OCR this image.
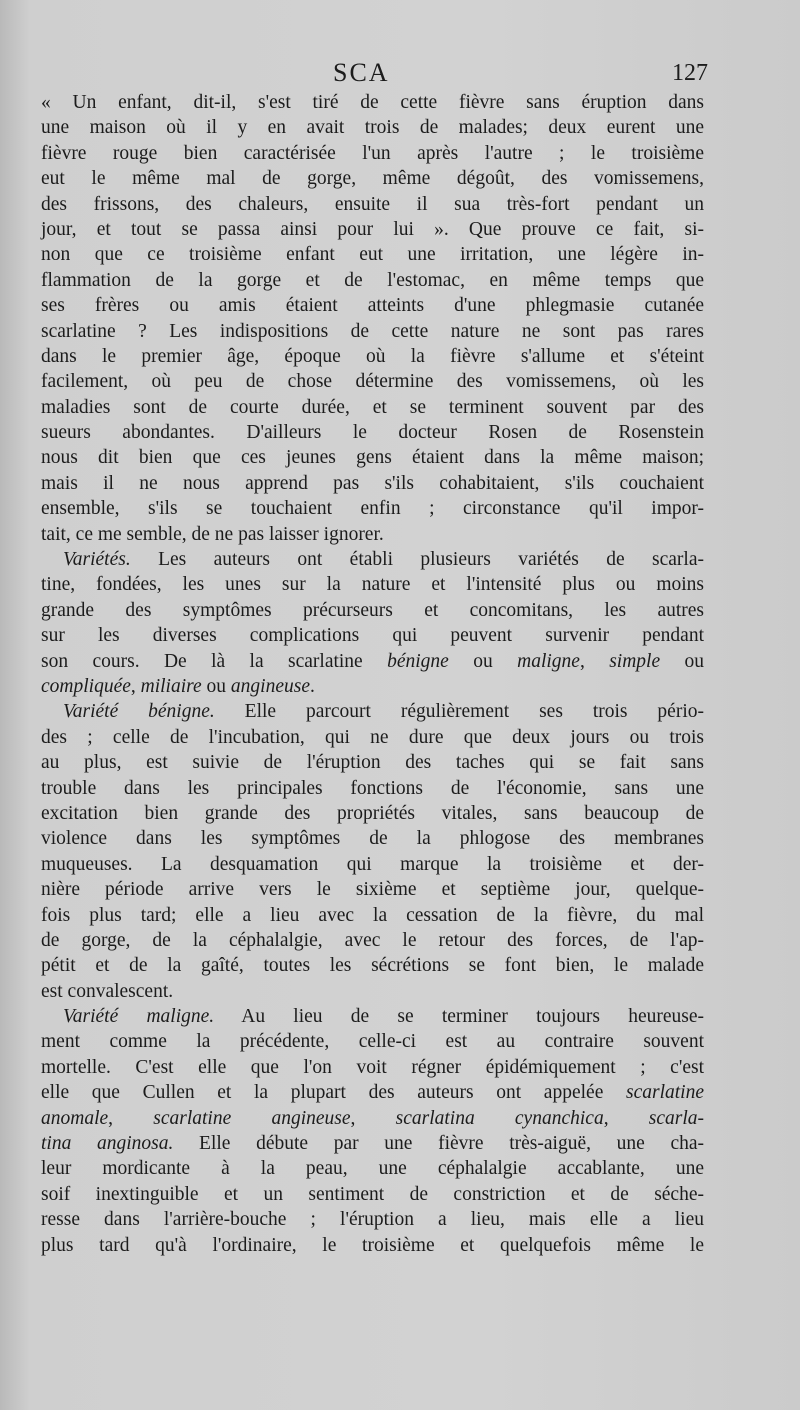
SCA	127
« Un enfant, dit-il, s'est tiré de cette fièvre sans éruption dans
une maison où il y en avait trois de malades; deux eurent une
fièvre rouge bien caractérisée l'un après l'autre ; le troisième
eut le même mal de gorge, même dégoût, des vomissemens,
des frissons, des chaleurs, ensuite il sua très-fort pendant un
jour, et tout se passa ainsi pour lui ». Que prouve ce fait, si-
non que ce troisième enfant eut une irritation, une légère in-
flammation de la gorge et de l'estomac, en même temps que
ses frères ou amis étaient atteints d'une phlegmasie cutanée
scarlatine ? Les indispositions de cette nature ne sont pas rares
dans le premier âge, époque où la fièvre s'allume et s'éteint
facilement, où peu de chose détermine des vomissemens, où les
maladies sont de courte durée, et se terminent souvent par des
sueurs abondantes. D'ailleurs le docteur Rosen de Rosenstein
nous dit bien que ces jeunes gens étaient dans la même maison;
mais il ne nous apprend pas s'ils cohabitaient, s'ils couchaient
ensemble, s'ils se touchaient enfin ; circonstance qu'il impor-
tait, ce me semble, de ne pas laisser ignorer.
Variétés. Les auteurs ont établi plusieurs variétés de scarla-
tine, fondées, les unes sur la nature et l'intensité plus ou moins
grande des symptômes précurseurs et concomitans, les autres
sur les diverses complications qui peuvent survenir pendant
son cours. De là la scarlatine bénigne ou maligne, simple ou
compliquée, miliaire ou angineuse.
Variété bénigne. Elle parcourt régulièrement ses trois pério-
des ; celle de l'incubation, qui ne dure que deux jours ou trois
au plus, est suivie de l'éruption des taches qui se fait sans
trouble dans les principales fonctions de l'économie, sans une
excitation bien grande des propriétés vitales, sans beaucoup de
violence dans les symptômes de la phlogose des membranes
muqueuses. La desquamation qui marque la troisième et der-
nière période arrive vers le sixième et septième jour, quelque-
fois plus tard; elle a lieu avec la cessation de la fièvre, du mal
de gorge, de la céphalalgie, avec le retour des forces, de l'ap-
pétit et de la gaîté, toutes les sécrétions se font bien, le malade
est convalescent.
Variété maligne. Au lieu de se terminer toujours heureuse-
ment comme la précédente, celle-ci est au contraire souvent
mortelle. C'est elle que l'on voit régner épidémiquement ; c'est
elle que Cullen et la plupart des auteurs ont appelée scarlatine
anomale, scarlatine angineuse, scarlatina cynanchica, scarla-
tina anginosa. Elle débute par une fièvre très-aiguë, une cha-
leur mordicante à la peau, une céphalalgie accablante, une
soif inextinguible et un sentiment de constriction et de séche-
resse dans l'arrière-bouche ; l'éruption a lieu, mais elle a lieu
plus tard qu'à l'ordinaire, le troisième et quelquefois même le
